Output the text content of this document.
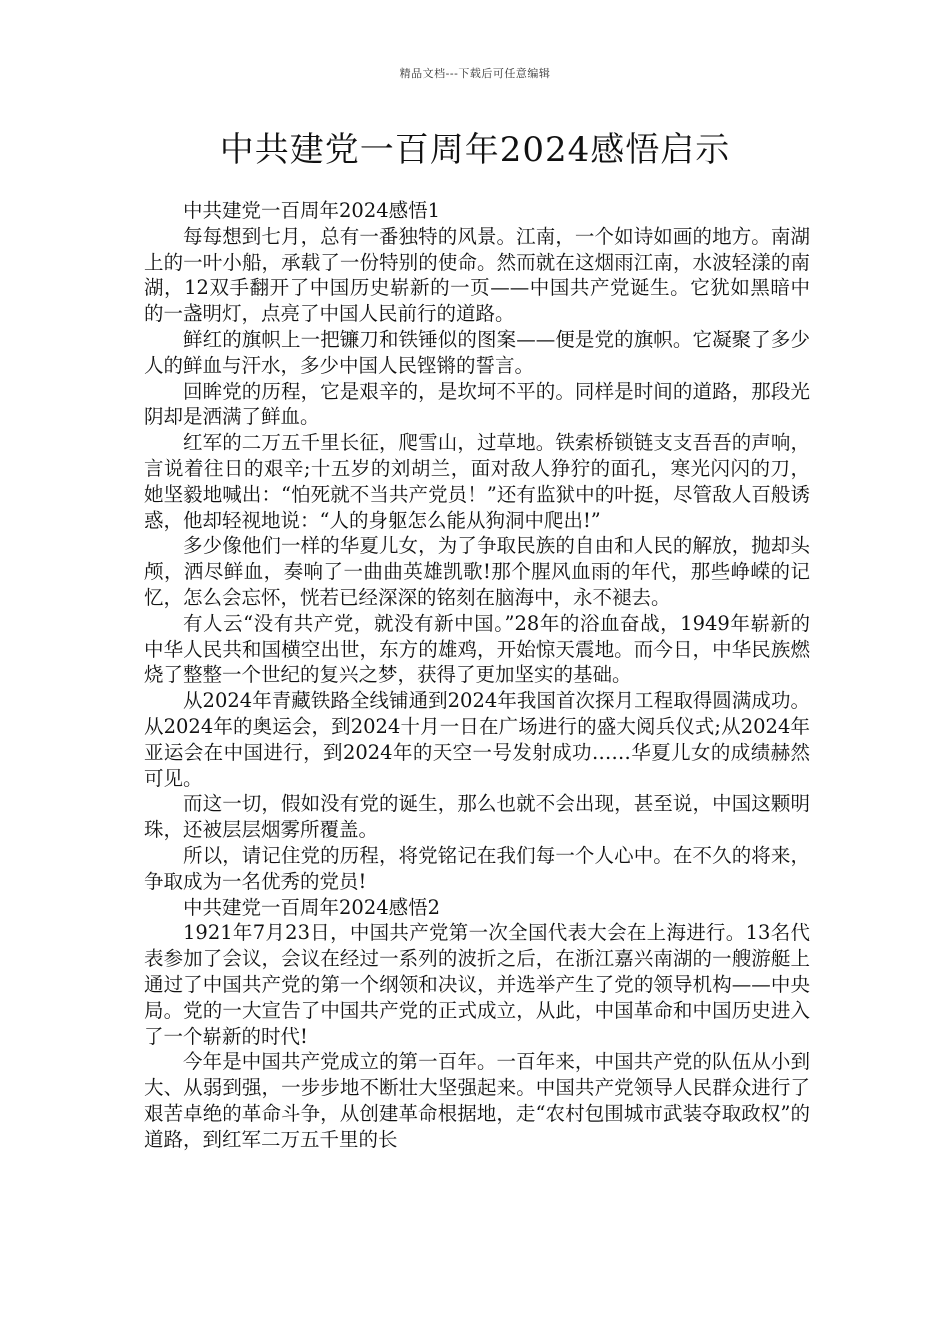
精品文档---下载后可任意编辑
中共建党一百周年2024感悟启示

中共建党一百周年2024感悟1

每每想到七月，总有一番独特的风景。江南，一个如诗如画的地方。南湖上的一叶小船，承载了一份特别的使命。然而就在这烟雨江南，水波轻漾的南湖，12双手翻开了中国历史崭新的一页——中国共产党诞生。它犹如黑暗中的一盏明灯，点亮了中国人民前行的道路。

鲜红的旗帜上一把镰刀和铁锤似的图案——便是党的旗帜。它凝聚了多少人的鲜血与汗水，多少中国人民铿锵的誓言。

回眸党的历程，它是艰辛的，是坎坷不平的。同样是时间的道路，那段光阴却是洒满了鲜血。

红军的二万五千里长征，爬雪山，过草地。铁索桥锁链支支吾吾的声响，言说着往日的艰辛;十五岁的刘胡兰，面对敌人狰狞的面孔，寒光闪闪的刀，她坚毅地喊出：“怕死就不当共产党员！”还有监狱中的叶挺，尽管敌人百般诱惑，他却轻视地说：“人的身躯怎么能从狗洞中爬出!”

多少像他们一样的华夏儿女，为了争取民族的自由和人民的解放，抛却头颅，洒尽鲜血，奏响了一曲曲英雄凯歌!那个腥风血雨的年代，那些峥嵘的记忆，怎么会忘怀，恍若已经深深的铭刻在脑海中，永不褪去。

有人云“没有共产党，就没有新中国。”28年的浴血奋战，1949年崭新的中华人民共和国横空出世，东方的雄鸡，开始惊天震地。而今日，中华民族燃烧了整整一个世纪的复兴之梦，获得了更加坚实的基础。

从2024年青藏铁路全线铺通到2024年我国首次探月工程取得圆满成功。从2024年的奥运会，到2024十月一日在广场进行的盛大阅兵仪式;从2024年亚运会在中国进行，到2024年的天空一号发射成功……华夏儿女的成绩赫然可见。

而这一切，假如没有党的诞生，那么也就不会出现，甚至说，中国这颗明珠，还被层层烟雾所覆盖。

所以，请记住党的历程，将党铭记在我们每一个人心中。在不久的将来，争取成为一名优秀的党员!

中共建党一百周年2024感悟2

1921年7月23日，中国共产党第一次全国代表大会在上海进行。13名代表参加了会议，会议在经过一系列的波折之后，在浙江嘉兴南湖的一艘游艇上通过了中国共产党的第一个纲领和决议，并选举产生了党的领导机构——中央局。党的一大宣告了中国共产党的正式成立，从此，中国革命和中国历史进入了一个崭新的时代!

今年是中国共产党成立的第一百年。一百年来，中国共产党的队伍从小到大、从弱到强，一步步地不断壮大坚强起来。中国共产党领导人民群众进行了艰苦卓绝的革命斗争，从创建革命根据地，走“农村包围城市武装夺取政权”的道路，到红军二万五千里的长
